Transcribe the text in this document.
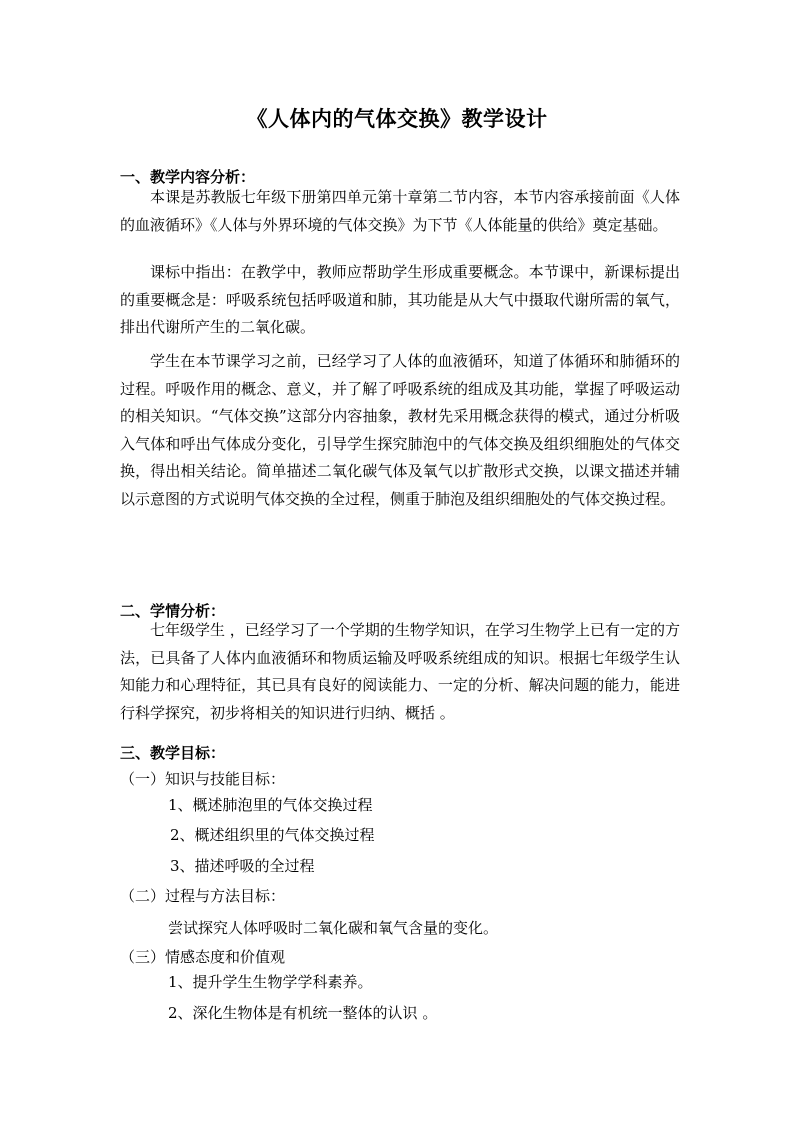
《人体内的气体交换》教学设计
一、教学内容分析：

本课是苏教版七年级下册第四单元第十章第二节内容，本节内容承接前面《人体的血液循环》《人体与外界环境的气体交换》为下节《人体能量的供给》奠定基础。

课标中指出：在教学中，教师应帮助学生形成重要概念。本节课中，新课标提出的重要概念是：呼吸系统包括呼吸道和肺，其功能是从大气中摄取代谢所需的氧气，排出代谢所产生的二氧化碳。

学生在本节课学习之前，已经学习了人体的血液循环，知道了体循环和肺循环的过程。呼吸作用的概念、意义，并了解了呼吸系统的组成及其功能，掌握了呼吸运动的相关知识。“气体交换”这部分内容抽象，教材先采用概念获得的模式，通过分析吸入气体和呼出气体成分变化，引导学生探究肺泡中的气体交换及组织细胞处的气体交换，得出相关结论。简单描述二氧化碳气体及氧气以扩散形式交换，以课文描述并辅以示意图的方式说明气体交换的全过程，侧重于肺泡及组织细胞处的气体交换过程。

二、学情分析：

七年级学生 ，已经学习了一个学期的生物学知识，在学习生物学上已有一定的方法，已具备了人体内血液循环和物质运输及呼吸系统组成的知识。根据七年级学生认知能力和心理特征，其已具有良好的阅读能力、一定的分析、解决问题的能力，能进行科学探究，初步将相关的知识进行归纳、概括 。

三、教学目标：
（一）知识与技能目标：
1、概述肺泡里的气体交换过程
2、概述组织里的气体交换过程
3、描述呼吸的全过程
（二）过程与方法目标：
尝试探究人体呼吸时二氧化碳和氧气含量的变化。
（三）情感态度和价值观
1、提升学生生物学学科素养。
2、深化生物体是有机统一整体的认识 。
